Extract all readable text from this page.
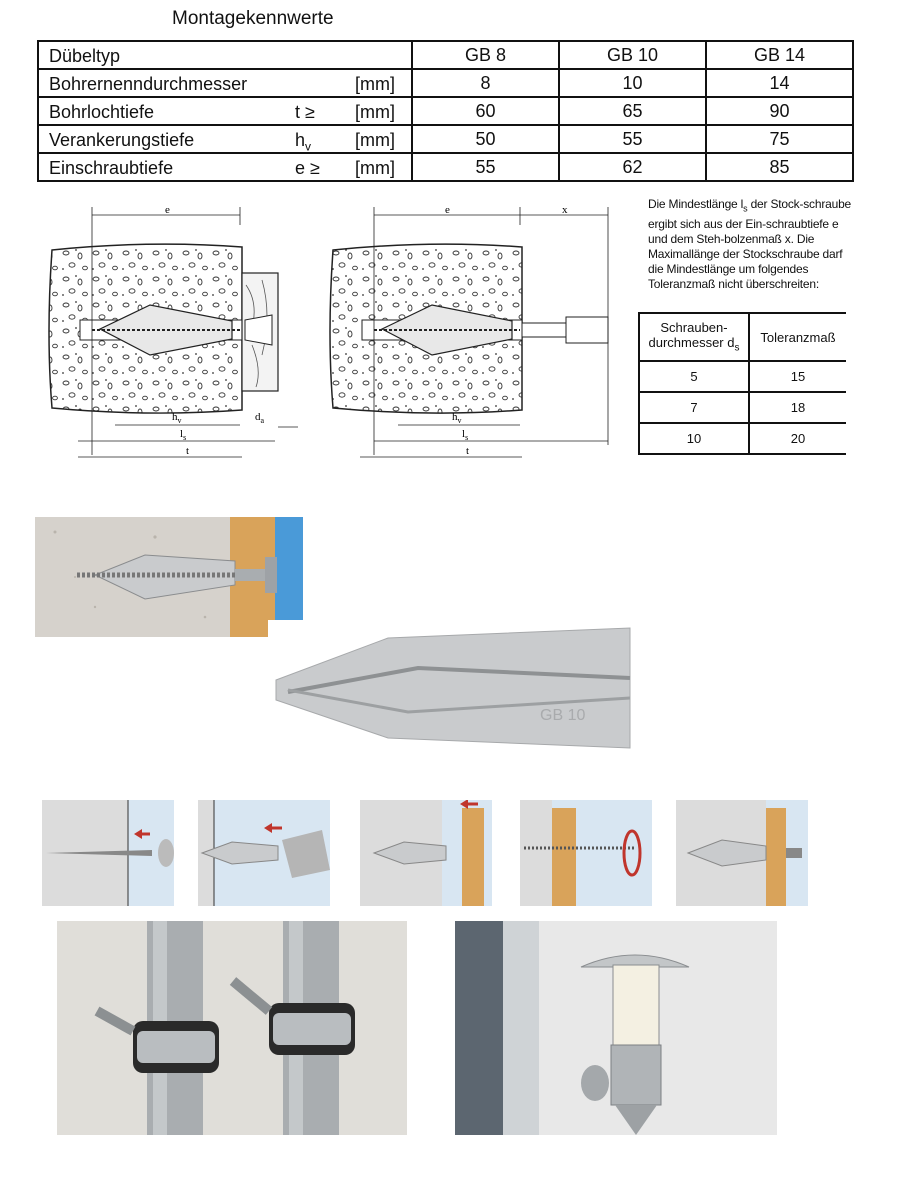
Montagekennwerte
Dübeltyp	GB 8	GB 10	GB 14

Bohrernenndurchmesser [mm]	8	10	14

Bohrlochtiefe t ≥ [mm]	60	65	90

Verankerungstiefe $h_v$ [mm]	50	55	75

Einschraubtiefe e ≥ [mm]	55	62	85
e
$h_v$
$l_s$
t
$d_a$
e	x
$h_v$
$l_s$
t
Die Mindestlänge $l_s$ der Stock-schraube ergibt sich aus der Ein-schraubtiefe e und dem Steh-bolzenmaß x. Die Maximallänge der Stockschraube darf die Mindestlänge um folgendes Toleranzmaß nicht überschreiten:
Schrauben-durchmesser $d_s$	Toleranzmaß
5	15
7	18
10	20
GB 10
